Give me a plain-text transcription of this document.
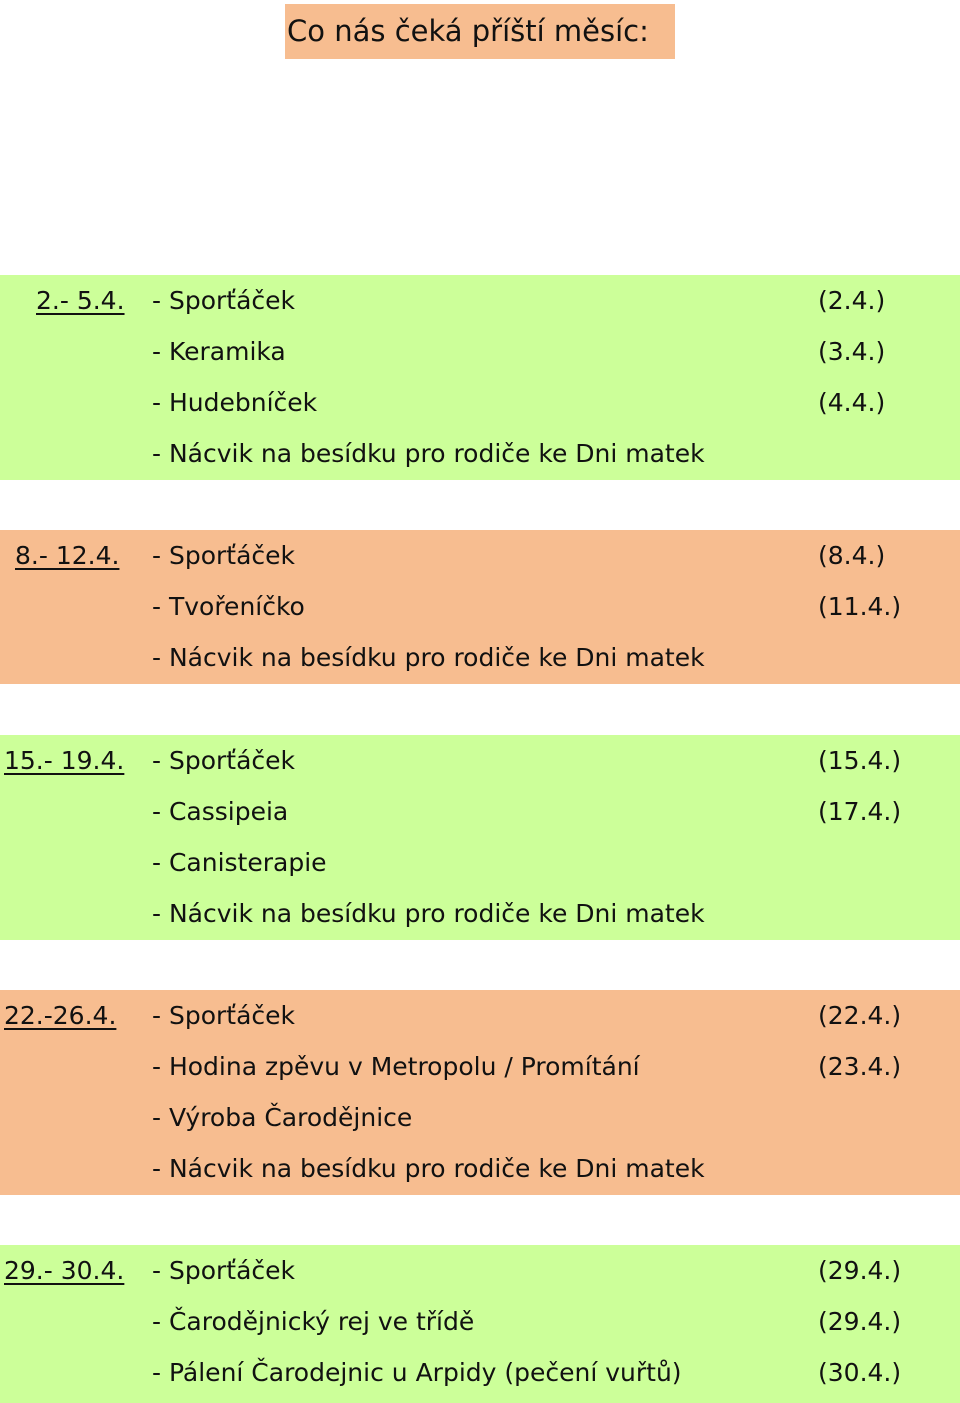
Co nás čeká příští měsíc:
2.- 5.4. - Sporťáček	(2.4.)
- Keramika	(3.4.)
- Hudebníček	(4.4.)
- Nácvik na besídku pro rodiče ke Dni matek
8.- 12.4. - Sporťáček	(8.4.)
- Tvořeníčko	(11.4.)
- Nácvik na besídku pro rodiče ke Dni matek
15.- 19.4. - Sporťáček	(15.4.)
- Cassipeia	(17.4.)
- Canisterapie
- Nácvik na besídku pro rodiče ke Dni matek
22.-26.4. - Sporťáček	(22.4.)
- Hodina zpěvu v Metropolu / Promítání	(23.4.)
- Výroba Čarodějnice
- Nácvik na besídku pro rodiče ke Dni matek
29.- 30.4. - Sporťáček	(29.4.)
- Čarodějnický rej ve třídě	(29.4.)
- Pálení Čarodejnic u Arpidy (pečení vuřtů)	(30.4.)
